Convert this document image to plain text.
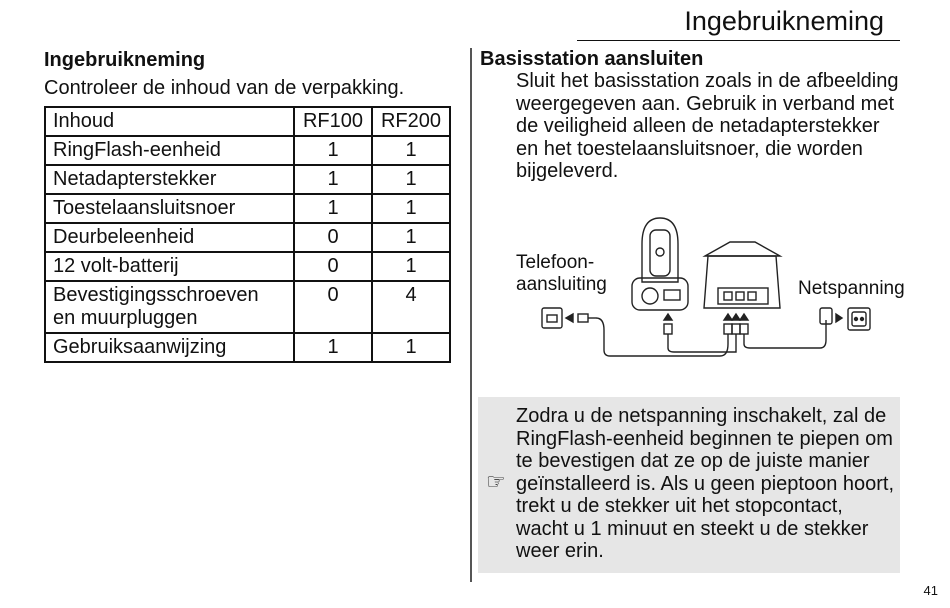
Ingebruikneming
Ingebruikneming

Controleer de inhoud van de verpakking.

Inhoud	RF100	RF200
RingFlash-eenheid	1	1
Netadapterstekker	1	1
Toestelaansluitsnoer	1	1
Deurbeleenheid	0	1
12 volt-batterij	0	1
Bevestigingsschroeven en muurpluggen	0	4
Gebruiksaanwijzing	1	1
Basisstation aansluiten
Sluit het basisstation zoals in de afbeelding weergegeven aan. Gebruik in verband met de veiligheid alleen de netadapterstekker en het toestelaansluitsnoer, die worden bijgeleverd.
Telefoon-
aansluiting	Netspanning
☞
Zodra u de netspanning inschakelt, zal de RingFlash-eenheid beginnen te piepen om te bevestigen dat ze op de juiste manier geïnstalleerd is. Als u geen pieptoon hoort, trekt u de stekker uit het stopcontact, wacht u 1 minuut en steekt u de stekker weer erin.
41
